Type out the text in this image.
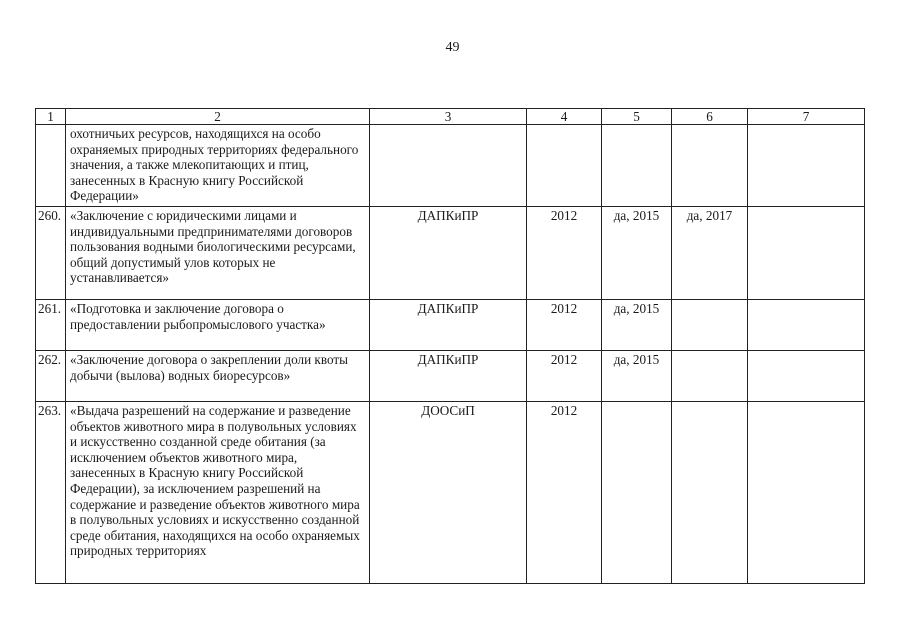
49
1	2	3	4	5	6	7
	охотничьих ресурсов, находящихся на особо охраняемых природных территориях федерального значения, а также млекопитающих и птиц, занесенных в Красную книгу Российской Федерации»					
260.	«Заключение с юридическими лицами и индивидуальными предпринимателями договоров пользования водными биологическими ресурсами, общий допустимый улов которых не устанавливается»	ДАПКиПР	2012	да, 2015	да, 2017	
261.	«Подготовка и заключение договора о предоставлении рыбопромыслового участка»	ДАПКиПР	2012	да, 2015		
262.	«Заключение договора о закреплении доли квоты добычи (вылова) водных биоресурсов»	ДАПКиПР	2012	да, 2015		
263.	«Выдача разрешений на содержание и разведение объектов животного мира в полувольных условиях и искусственно созданной среде обитания (за исключением объектов животного мира, занесенных в Красную книгу Российской Федерации), за исключением разрешений на содержание и разведение объектов животного мира в полувольных условиях и искусственно созданной среде обитания, находящихся на особо охраняемых природных территориях	ДООСиП	2012			
